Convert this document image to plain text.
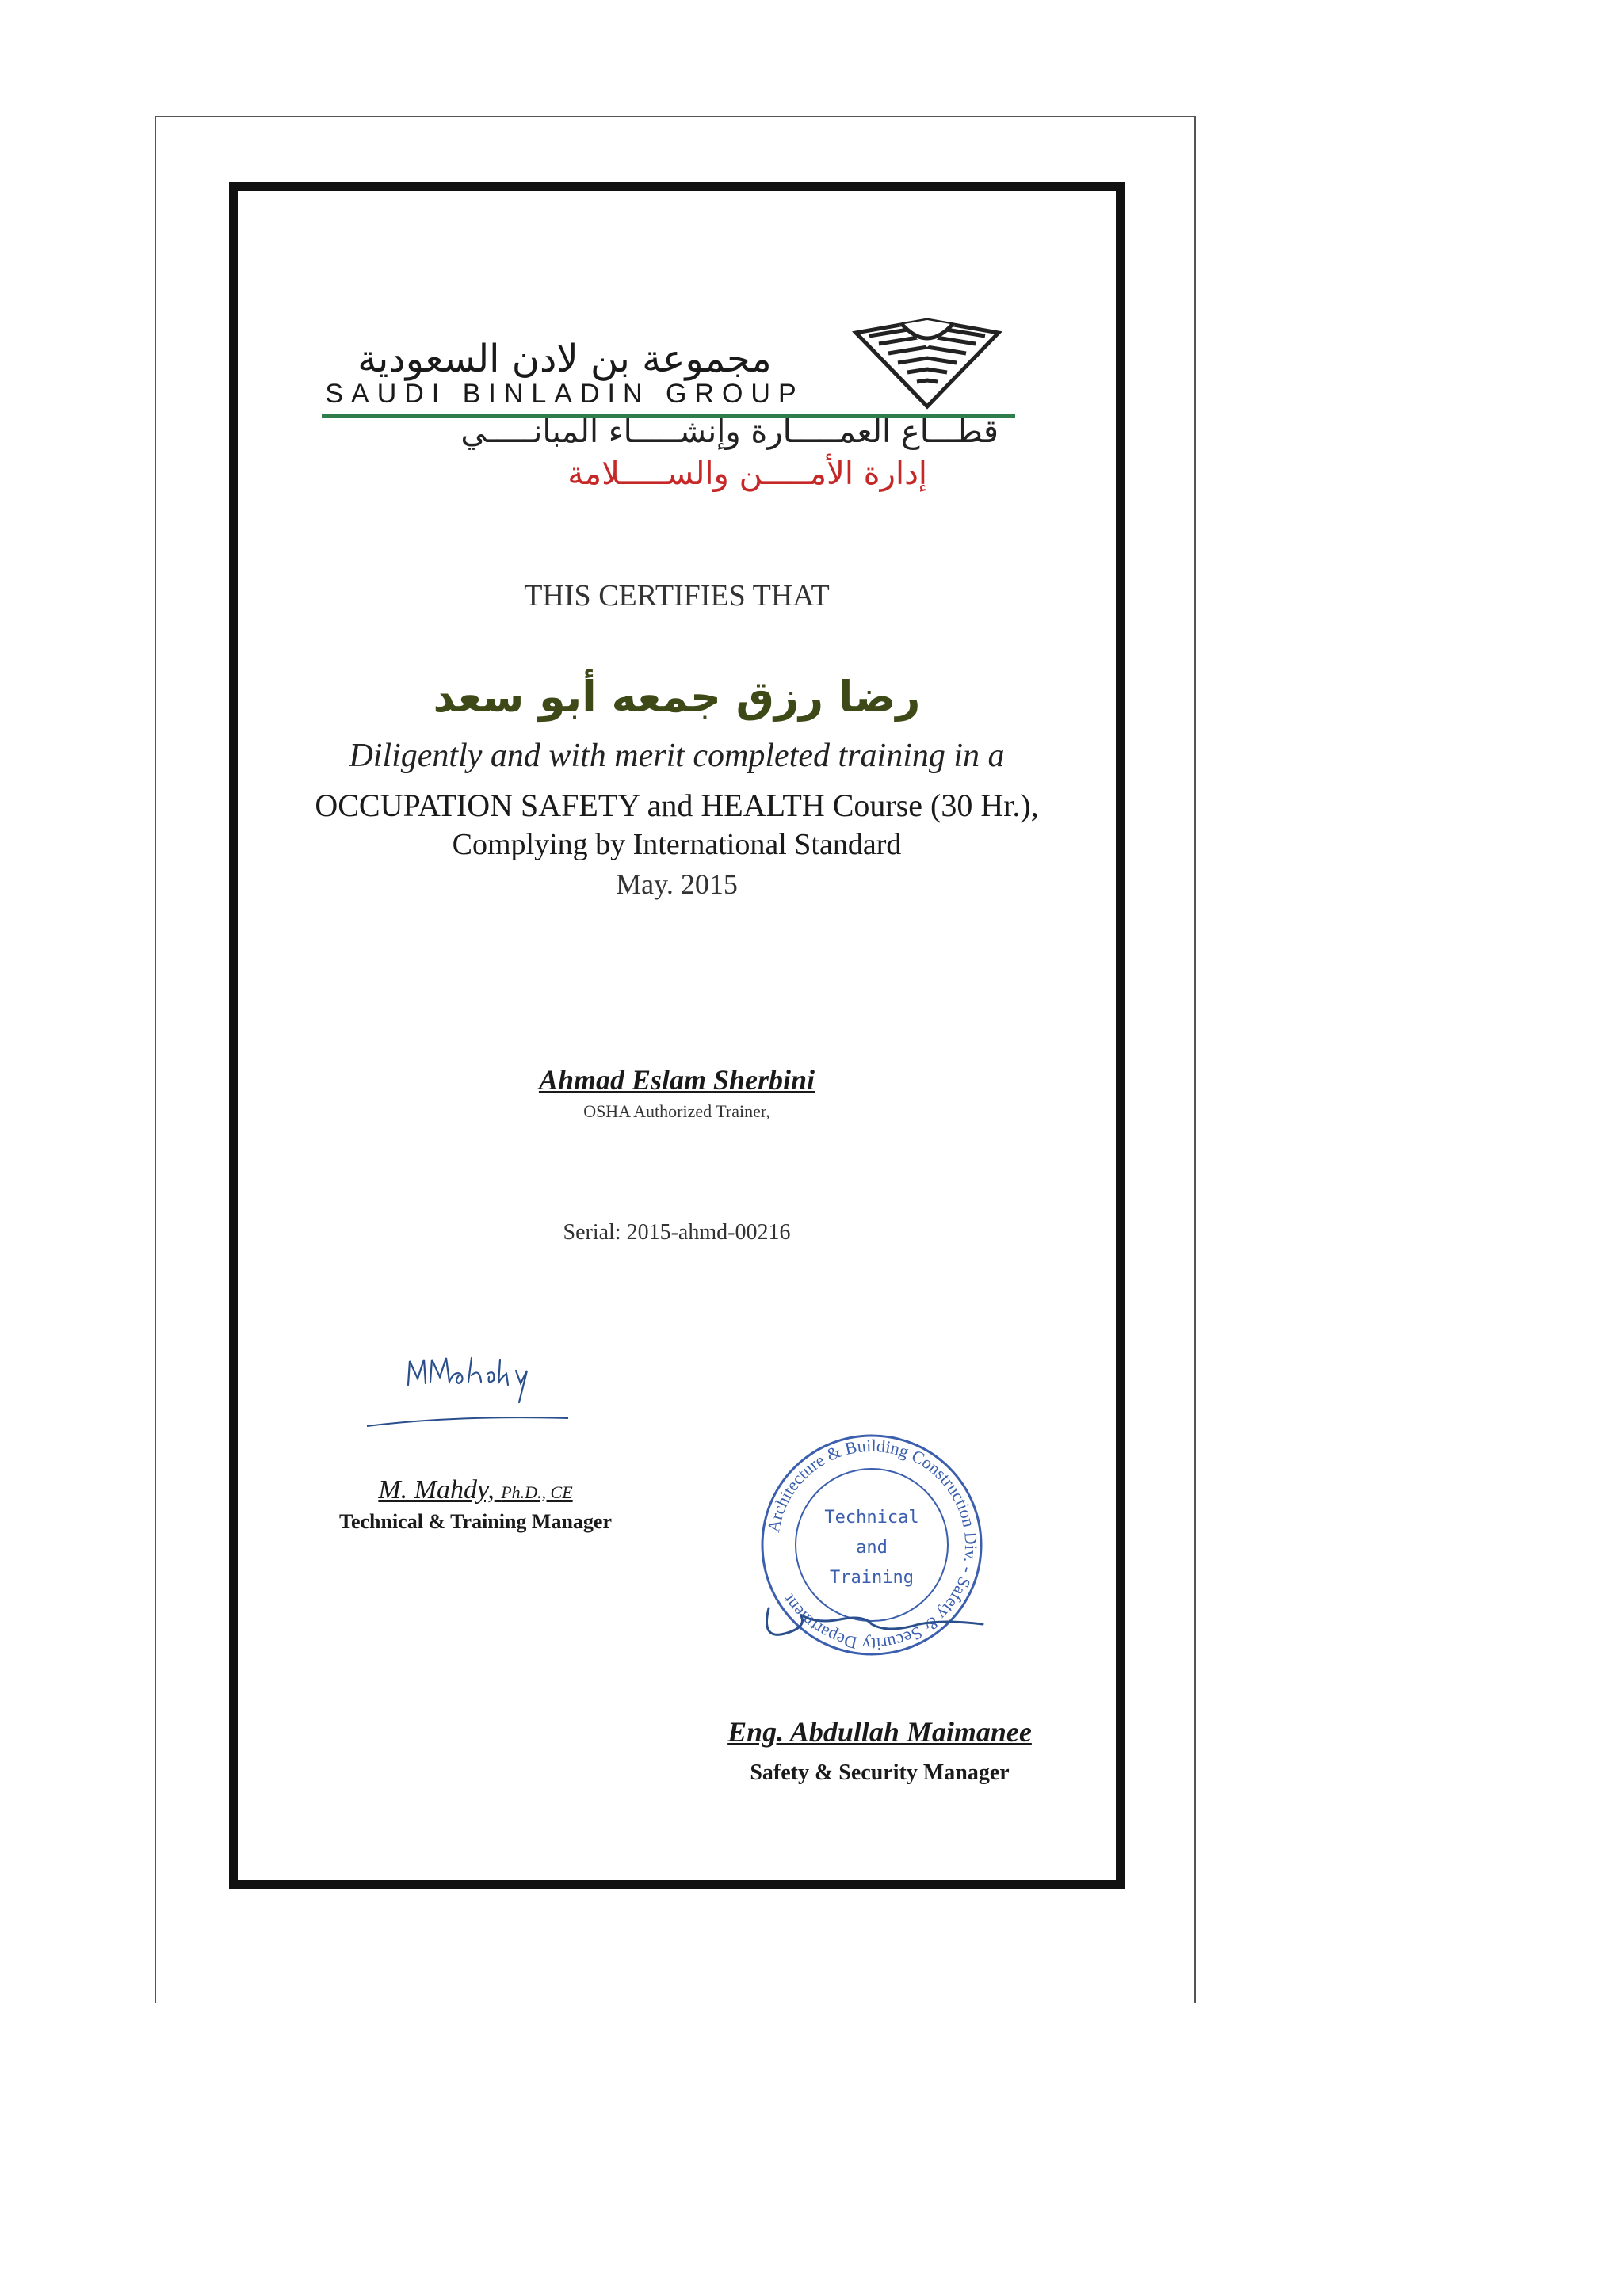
مجموعة بن لادن السعودية
SAUDI BINLADIN GROUP
قطـــاع العمـــــارة وإنشـــــاء المبانـــــي
إدارة الأمـــــن والســـــلامة
THIS CERTIFIES THAT
رضا رزق جمعه أبو سعد
Diligently and with merit completed training in a
OCCUPATION SAFETY and HEALTH Course (30 Hr.),
Complying by International Standard
May. 2015
Ahmad Eslam Sherbini
OSHA Authorized Trainer,
Serial: 2015-ahmd-00216
M. Mahdy, Ph.D., CE
Technical & Training Manager	Architecture & Building Construction Div. - Safety & Security Department
Technical
and
Training
Eng. Abdullah Maimanee
Safety & Security Manager
